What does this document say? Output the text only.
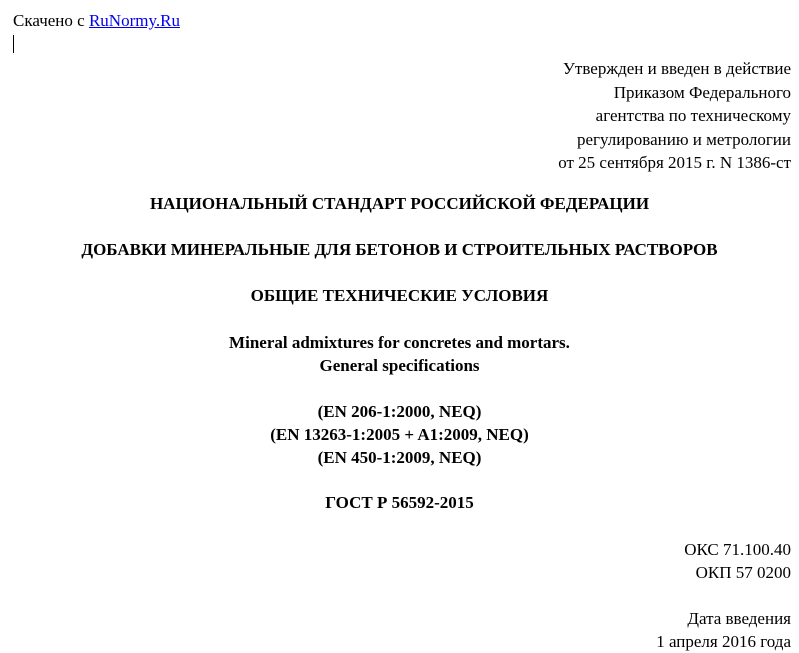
Скачено с RuNormy.Ru
Утвержден и введен в действие
Приказом Федерального
агентства по техническому
регулированию и метрологии
от 25 сентября 2015 г. N 1386-ст
НАЦИОНАЛЬНЫЙ СТАНДАРТ РОССИЙСКОЙ ФЕДЕРАЦИИ
ДОБАВКИ МИНЕРАЛЬНЫЕ ДЛЯ БЕТОНОВ И СТРОИТЕЛЬНЫХ РАСТВОРОВ
ОБЩИЕ ТЕХНИЧЕСКИЕ УСЛОВИЯ
Mineral admixtures for concretes and mortars.
General specifications
(EN 206-1:2000, NEQ)
(EN 13263-1:2005 + A1:2009, NEQ)
(EN 450-1:2009, NEQ)
ГОСТ Р 56592-2015
ОКС 71.100.40
ОКП 57 0200
Дата введения
1 апреля 2016 года
